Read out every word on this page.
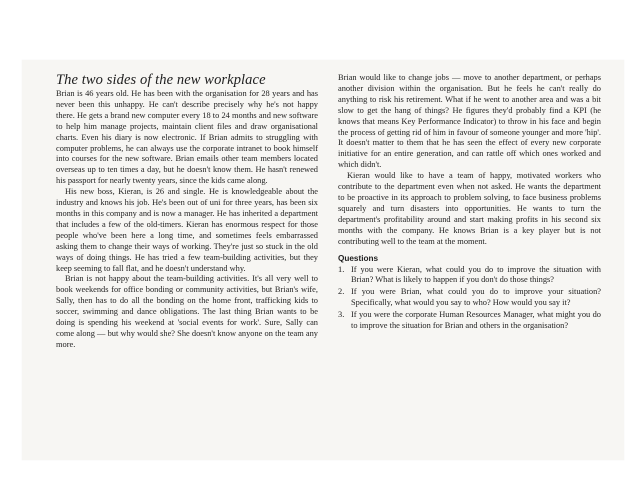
The two sides of the new workplace

Brian is 46 years old. He has been with the organisation for 28 years and has never been this unhappy. He can't describe precisely why he's not happy there. He gets a brand new computer every 18 to 24 months and new software to help him manage projects, maintain client files and draw organisational charts. Even his diary is now electronic. If Brian admits to struggling with computer problems, he can always use the corporate intranet to book himself into courses for the new software. Brian emails other team members located overseas up to ten times a day, but he doesn't know them. He hasn't renewed his passport for nearly twenty years, since the kids came along.

His new boss, Kieran, is 26 and single. He is knowledgeable about the industry and knows his job. He's been out of uni for three years, has been six months in this company and is now a manager. He has inherited a department that includes a few of the old-timers. Kieran has enormous respect for those people who've been here a long time, and sometimes feels embarrassed asking them to change their ways of working. They're just so stuck in the old ways of doing things. He has tried a few team-building activities, but they keep seeming to fall flat, and he doesn't understand why.

Brian is not happy about the team-building activities. It's all very well to book weekends for office bonding or community activities, but Brian's wife, Sally, then has to do all the bonding on the home front, trafficking kids to soccer, swimming and dance obligations. The last thing Brian wants to be doing is spending his weekend at 'social events for work'. Sure, Sally can come along — but why would she? She doesn't know anyone on the team any more.

Brian would like to change jobs — move to another department, or perhaps another division within the organisation. But he feels he can't really do anything to risk his retirement. What if he went to another area and was a bit slow to get the hang of things? He figures they'd probably find a KPI (he knows that means Key Performance Indicator) to throw in his face and begin the process of getting rid of him in favour of someone younger and more 'hip'. It doesn't matter to them that he has seen the effect of every new corporate initiative for an entire generation, and can rattle off which ones worked and which didn't.

Kieran would like to have a team of happy, motivated workers who contribute to the department even when not asked. He wants the department to be proactive in its approach to problem solving, to face business problems squarely and turn disasters into opportunities. He wants to turn the department's profitability around and start making profits in his second six months with the company. He knows Brian is a key player but is not contributing well to the team at the moment.

Questions
1. If you were Kieran, what could you do to improve the situation with Brian? What is likely to happen if you don't do those things?
2. If you were Brian, what could you do to improve your situation? Specifically, what would you say to who? How would you say it?
3. If you were the corporate Human Resources Manager, what might you do to improve the situation for Brian and others in the organisation?
